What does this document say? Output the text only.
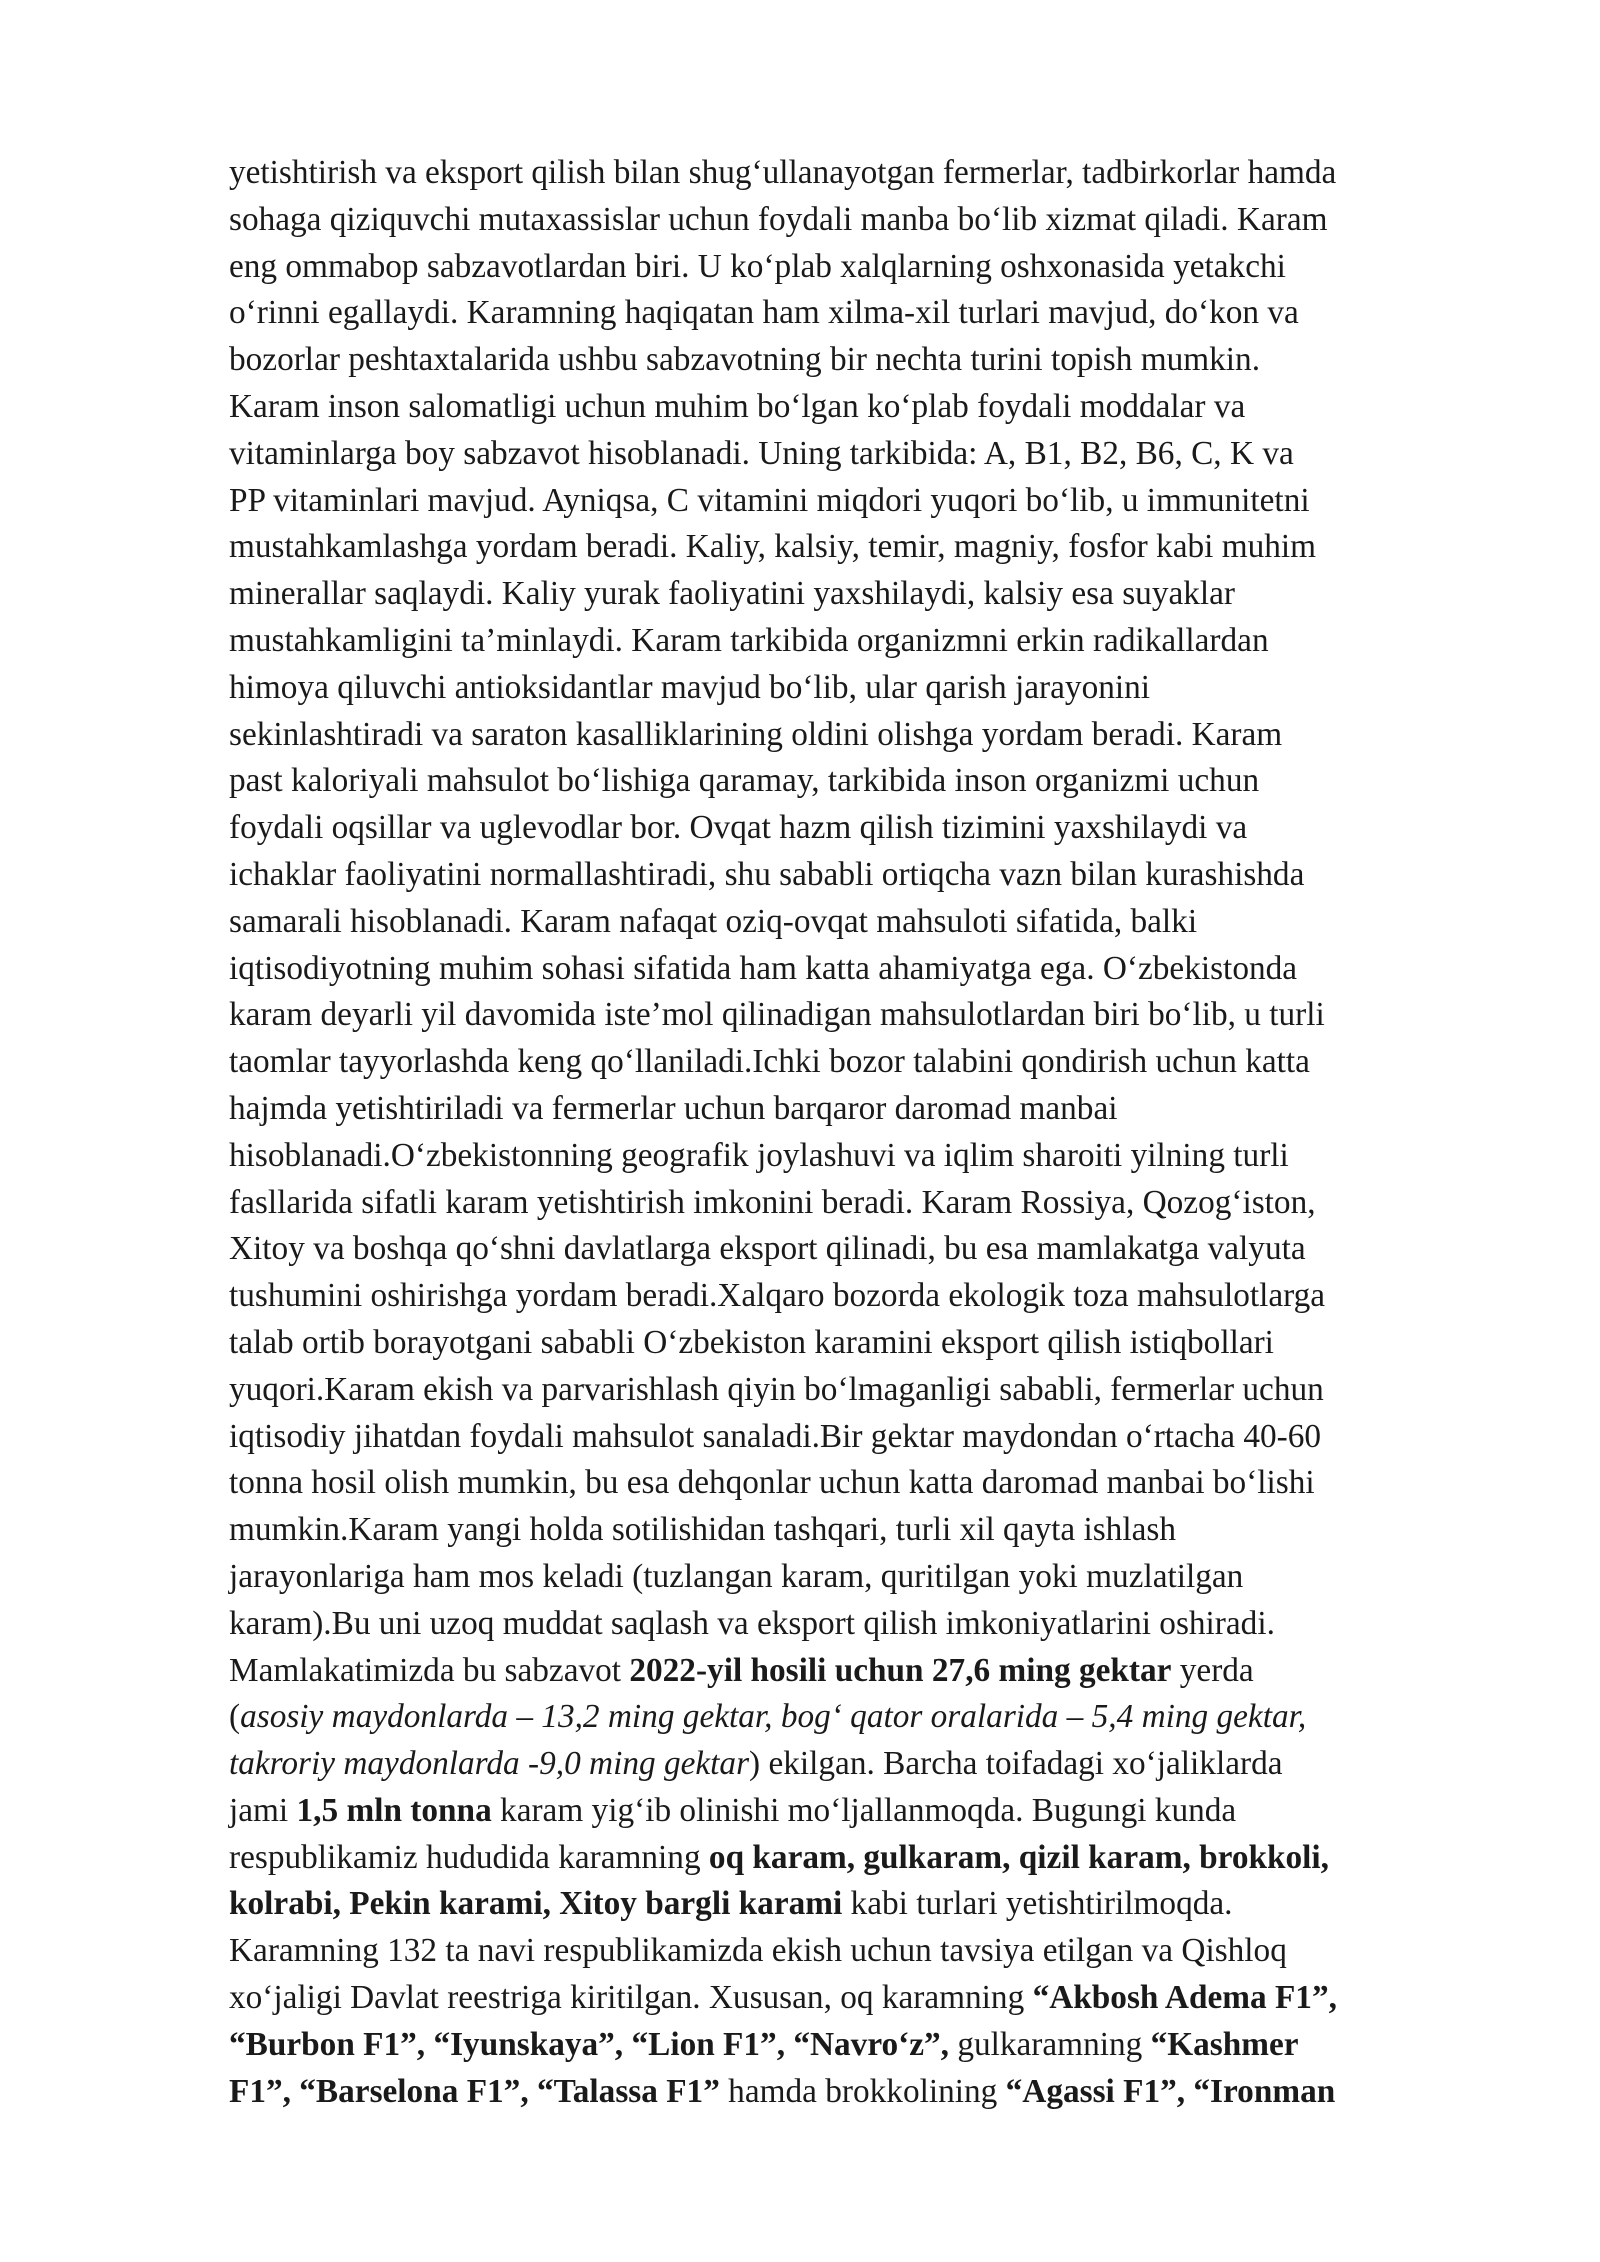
yetishtirish va eksport qilish bilan shug‘ullanayotgan fermerlar, tadbirkorlar hamda
sohaga qiziquvchi mutaxassislar uchun foydali manba bo‘lib xizmat qiladi. Karam
eng ommabop sabzavotlardan biri. U ko‘plab xalqlarning oshxonasida yetakchi
o‘rinni egallaydi. Karamning haqiqatan ham xilma-xil turlari mavjud, do‘kon va
bozorlar peshtaxtalarida ushbu sabzavotning bir nechta turini topish mumkin.
Karam inson salomatligi uchun muhim bo‘lgan ko‘plab foydali moddalar va
vitaminlarga boy sabzavot hisoblanadi. Uning tarkibida: A, B1, B2, B6, C, K va
PP vitaminlari mavjud. Ayniqsa, C vitamini miqdori yuqori bo‘lib, u immunitetni
mustahkamlashga yordam beradi. Kaliy, kalsiy, temir, magniy, fosfor kabi muhim
minerallar saqlaydi. Kaliy yurak faoliyatini yaxshilaydi, kalsiy esa suyaklar
mustahkamligini ta’minlaydi. Karam tarkibida organizmni erkin radikallardan
himoya qiluvchi antioksidantlar mavjud bo‘lib, ular qarish jarayonini
sekinlashtiradi va saraton kasalliklarining oldini olishga yordam beradi. Karam
past kaloriyali mahsulot bo‘lishiga qaramay, tarkibida inson organizmi uchun
foydali oqsillar va uglevodlar bor. Ovqat hazm qilish tizimini yaxshilaydi va
ichaklar faoliyatini normallashtiradi, shu sababli ortiqcha vazn bilan kurashishda
samarali hisoblanadi. Karam nafaqat oziq-ovqat mahsuloti sifatida, balki
iqtisodiyotning muhim sohasi sifatida ham katta ahamiyatga ega. O‘zbekistonda
karam deyarli yil davomida iste’mol qilinadigan mahsulotlardan biri bo‘lib, u turli
taomlar tayyorlashda keng qo‘llaniladi.Ichki bozor talabini qondirish uchun katta
hajmda yetishtiriladi va fermerlar uchun barqaror daromad manbai
hisoblanadi.O‘zbekistonning geografik joylashuvi va iqlim sharoiti yilning turli
fasllarida sifatli karam yetishtirish imkonini beradi. Karam Rossiya, Qozog‘iston,
Xitoy va boshqa qo‘shni davlatlarga eksport qilinadi, bu esa mamlakatga valyuta
tushumini oshirishga yordam beradi.Xalqaro bozorda ekologik toza mahsulotlarga
talab ortib borayotgani sababli O‘zbekiston karamini eksport qilish istiqbollari
yuqori.Karam ekish va parvarishlash qiyin bo‘lmaganligi sababli, fermerlar uchun
iqtisodiy jihatdan foydali mahsulot sanaladi.Bir gektar maydondan o‘rtacha 40-60
tonna hosil olish mumkin, bu esa dehqonlar uchun katta daromad manbai bo‘lishi
mumkin.Karam yangi holda sotilishidan tashqari, turli xil qayta ishlash
jarayonlariga ham mos keladi (tuzlangan karam, quritilgan yoki muzlatilgan
karam).Bu uni uzoq muddat saqlash va eksport qilish imkoniyatlarini oshiradi.
Mamlakatimizda bu sabzavot 2022-yil hosili uchun 27,6 ming gektar yerda
(asosiy maydonlarda – 13,2 ming gektar, bog‘ qator oralarida – 5,4 ming gektar,
takroriy maydonlarda -9,0 ming gektar) ekilgan. Barcha toifadagi xo‘jaliklarda
jami 1,5 mln tonna karam yig‘ib olinishi mo‘ljallanmoqda. Bugungi kunda
respublikamiz hududida karamning oq karam, gulkaram, qizil karam, brokkoli,
kolrabi, Pekin karami, Xitoy bargli karami kabi turlari yetishtirilmoqda.
Karamning 132 ta navi respublikamizda ekish uchun tavsiya etilgan va Qishloq
xo‘jaligi Davlat reestriga kiritilgan. Xususan, oq karamning “Akbosh Adema F1”,
“Burbon F1”, “Iyunskaya”, “Lion F1”, “Navro‘z”, gulkaramning “Kashmer
F1”, “Barselona F1”, “Talassa F1” hamda brokkolining “Agassi F1”, “Ironman
